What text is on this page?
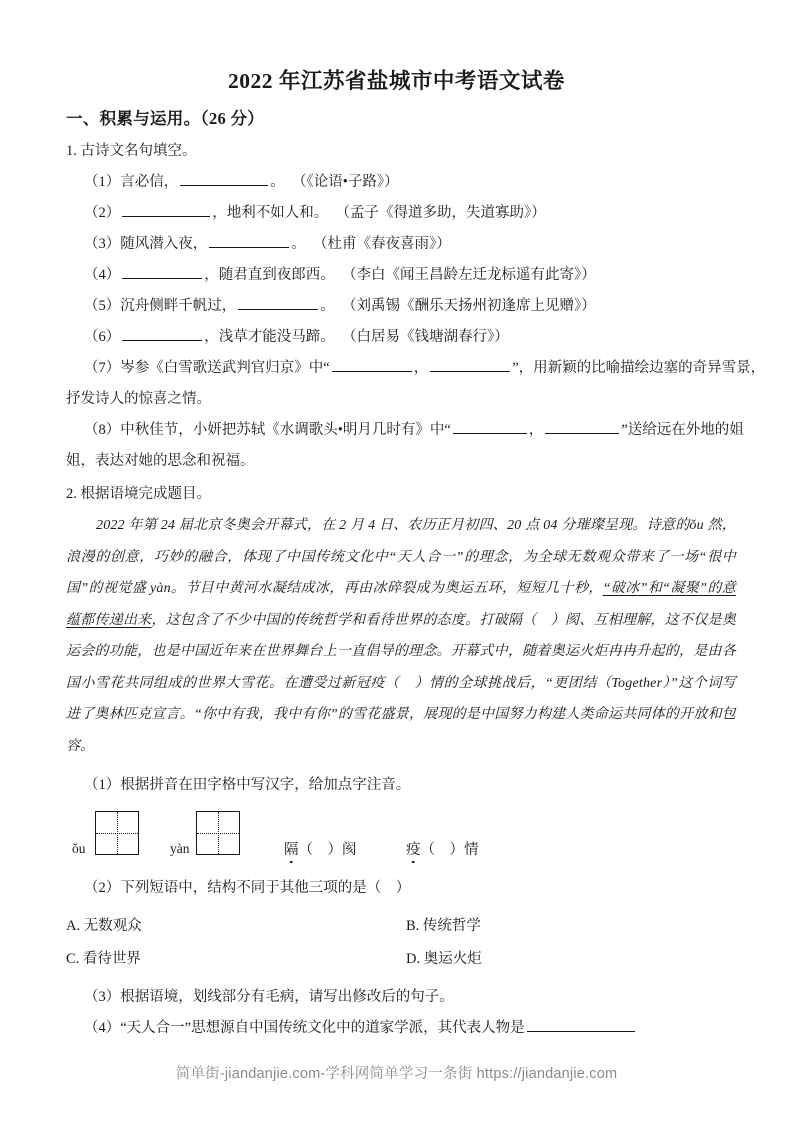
2022 年江苏省盐城市中考语文试卷
一、积累与运用。（26 分）
1. 古诗文名句填空。
（1）言必信，	。 （《论语•子路》）
（2）	，地利不如人和。 （孟子《得道多助，失道寡助》）
（3）随风潜入夜，	。 （杜甫《春夜喜雨》）
（4）	，随君直到夜郎西。 （李白《闻王昌龄左迁龙标遥有此寄》）
（5）沉舟侧畔千帆过，	。 （刘禹锡《酬乐天扬州初逢席上见赠》）
（6）	，浅草才能没马蹄。 （白居易《钱塘湖春行》）
（7）岑参《白雪歌送武判官归京》中“	，	”，用新颖的比喻描绘边塞的奇异雪景，
抒发诗人的惊喜之情。
（8）中秋佳节，小妍把苏轼《水调歌头•明月几时有》中“	，	”送给远在外地的姐
姐，表达对她的思念和祝福。
2. 根据语境完成题目。
2022 年第 24 届北京冬奥会开幕式，在 2 月 4 日、农历正月初四、20 点 04 分璀璨呈现。诗意的ǒu 然，浪漫的创意，巧妙的融合，体现了中国传统文化中“天人合一”的理念，为全球无数观众带来了一场“很中国”的视觉盛 yàn。节目中黄河水凝结成冰，再由冰碎裂成为奥运五环，短短几十秒，“破冰”和“凝聚”的意蕴都传递出来，这包含了不少中国的传统哲学和看待世界的态度。打破隔（ ）阂、互相理解，这不仅是奥运会的功能，也是中国近年来在世界舞台上一直倡导的理念。开幕式中，随着奥运火炬冉冉升起的，是由各国小雪花共同组成的世界大雪花。在遭受过新冠疫（ ）情的全球挑战后，“更团结（Together）”这个词写进了奥林匹克宣言。“你中有我，我中有你”的雪花盛景，展现的是中国努力构建人类命运共同体的开放和包容。
（1）根据拼音在田字格中写汉字，给加点字注音。
ǒu	yàn	隔（    ）阂	疫（    ）情
（2）下列短语中，结构不同于其他三项的是（ ）
A. 无数观众	B. 传统哲学
C. 看待世界	D. 奥运火炬
（3）根据语境，划线部分有毛病，请写出修改后的句子。
（4）“天人合一”思想源自中国传统文化中的道家学派，其代表人物是
简单街-jiandanjie.com-学科网简单学习一条街 https://jiandanjie.com
